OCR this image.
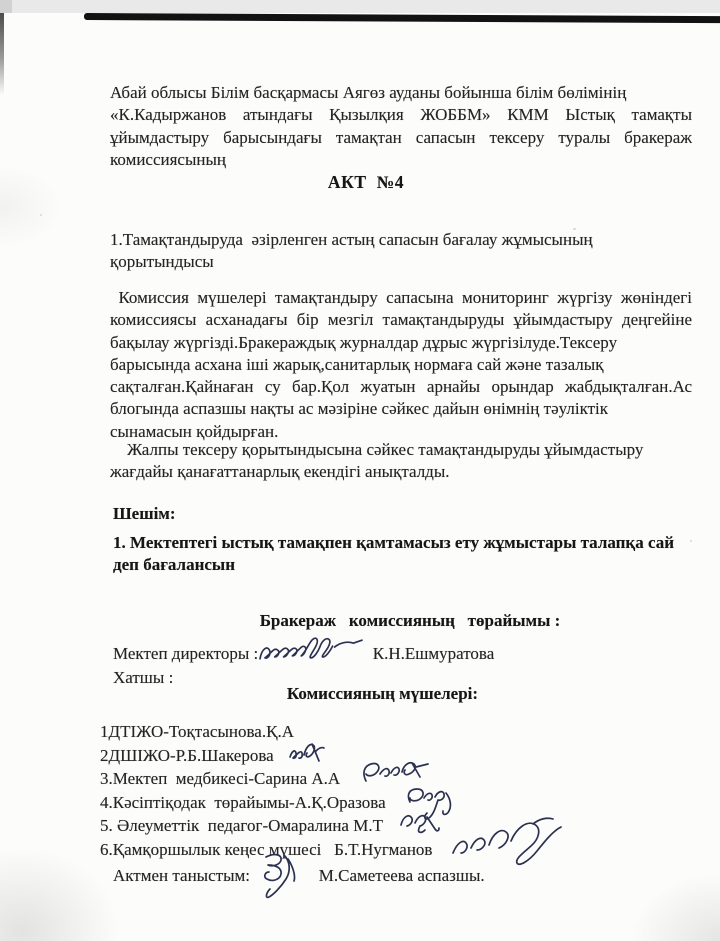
Абай облысы Білім басқармасы Аягөз ауданы бойынша білім бөлімінің
«К.Кадыржанов атындағы Қызылқия ЖОББМ» КММ Ыстық тамақты
ұйымдастыру барысындағы тамақтан сапасын тексеру туралы бракераж
комиссиясының
АКТ  №4
1.Тамақтандыруда  әзірленген астың сапасын бағалау жұмысының
қорытындысы
Комиссия мүшелері тамақтандыру сапасына мониторинг жүргізу жөніндегі
комиссиясы асханадағы бір мезгіл тамақтандыруды ұйымдастыру деңгейіне
бақылау жүргізді.Бракераждық журналдар дұрыс жүргізілуде.Тексеру
барысында асхана іші жарық,санитарлық нормаға сай және тазалық
сақталған.Қайнаған су бар.Қол жуатын арнайы орындар жабдықталған.Ас
блогында аспазшы нақты ас мәзіріне сәйкес дайын өнімнің тәуліктік
сынамасын қойдырған.
Жалпы тексеру қорытындысына сәйкес тамақтандыруды ұйымдастыру
жағдайы қанағаттанарлық екендігі анықталды.
Шешім:
1. Мектептегі ыстық тамақпен қамтамасыз ету жұмыстары талапқа сай
деп бағалансын
Бракераж   комиссияның   төрайымы :
Мектеп директоры :	К.Н.Ешмуратова
Хатшы :
Комиссияның мүшелері:
1ДТІЖО-Тоқтасынова.Қ.А
2ДШІЖО-Р.Б.Шакерова
3.Мектеп  медбикесі-Сарина А.А
4.Кәсіптіқодак  төрайымы-А.Қ.Оразова
5. Әлеуметтік  педагог-Омаралина М.Т
6.Қамқоршылык кеңес мүшесі   Б.Т.Нугманов
Актмен таныстым:	М.Саметеева аспазшы.
